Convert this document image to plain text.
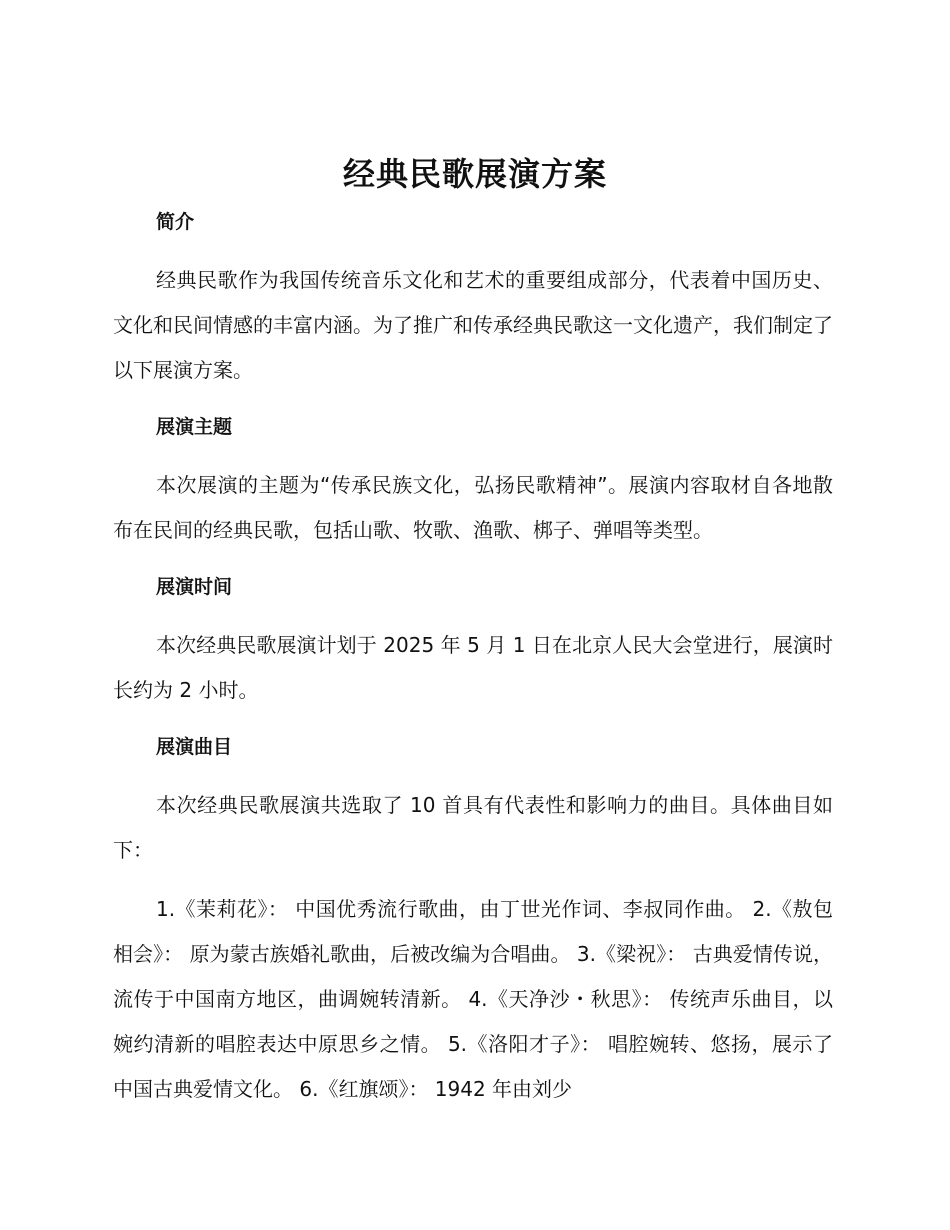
经典民歌展演方案
简介

经典民歌作为我国传统音乐文化和艺术的重要组成部分，代表着中国历史、文化和民间情感的丰富内涵。为了推广和传承经典民歌这一文化遗产，我们制定了以下展演方案。

展演主题

本次展演的主题为“传承民族文化，弘扬民歌精神”。展演内容取材自各地散布在民间的经典民歌，包括山歌、牧歌、渔歌、梆子、弹唱等类型。

展演时间

本次经典民歌展演计划于 2025 年 5 月 1 日在北京人民大会堂进行，展演时长约为 2 小时。

展演曲目

本次经典民歌展演共选取了 10 首具有代表性和影响力的曲目。具体曲目如下：

1.《茉莉花》： 中国优秀流行歌曲，由丁世光作词、李叔同作曲。 2.《敖包相会》： 原为蒙古族婚礼歌曲，后被改编为合唱曲。 3.《梁祝》： 古典爱情传说，流传于中国南方地区，曲调婉转清新。 4.《天净沙・秋思》： 传统声乐曲目，以婉约清新的唱腔表达中原思乡之情。 5.《洛阳才子》： 唱腔婉转、悠扬，展示了中国古典爱情文化。 6.《红旗颂》： 1942 年由刘少
